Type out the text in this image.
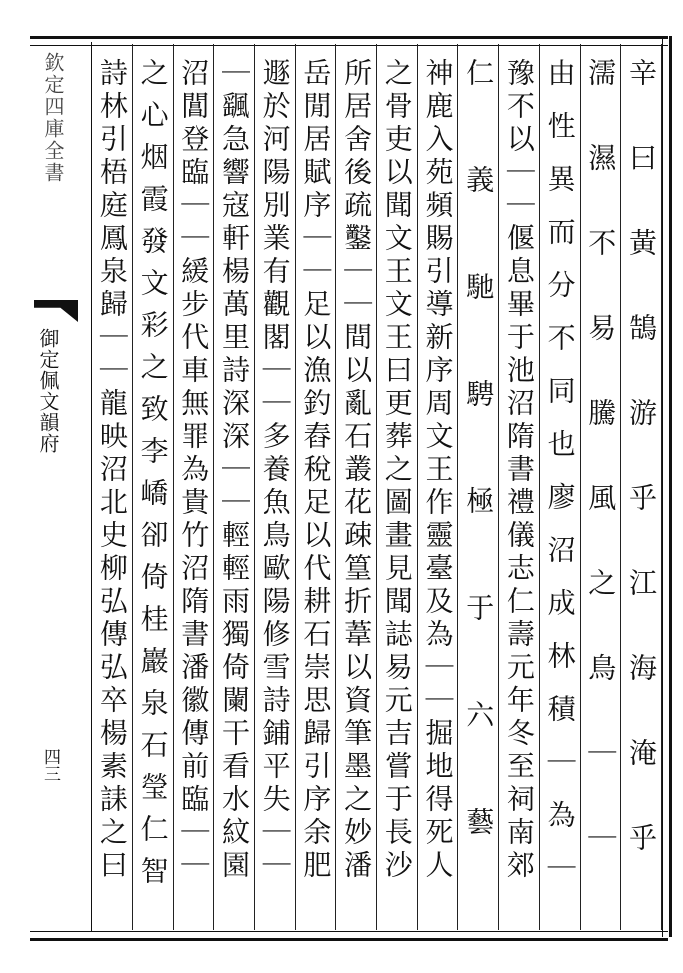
欽定四庫全書
御定佩文韻府
四三	辛曰黃鵠游乎江海淹乎
濡濕不易騰風之鳥｜｜
由性異而分不同也廖沼成林積｜為｜
豫不以｜｜偃息畢于池沼隋書禮儀志仁壽元年冬至祠南郊
仁義馳騁極于六藝
神鹿入苑頻賜引導新序周文王作靈臺及為｜｜掘地得死人
之骨吏以聞文王文王曰更葬之圖畫見聞誌易元吉嘗于長沙
所居舍後疏鑿｜｜間以亂石叢花疎篁折葦以資筆墨之妙潘
岳閒居賦序｜｜足以漁釣舂稅足以代耕石崇思歸引序余肥
遯於河陽別業有觀閣｜｜多養魚鳥歐陽修雪詩鋪平失｜｜
｜颻急響寇軒楊萬里詩深深｜｜輕輕雨獨倚闌干看水紋園
沼閶登臨｜｜緩步代車無罪為貴竹沼隋書潘徽傳前臨｜｜
之心烟霞發文彩之致李嶠卻倚桂巖泉石瑩仁智
詩林引梧庭鳳泉歸｜｜龍映沼北史柳弘傳弘卒楊素誄之曰
